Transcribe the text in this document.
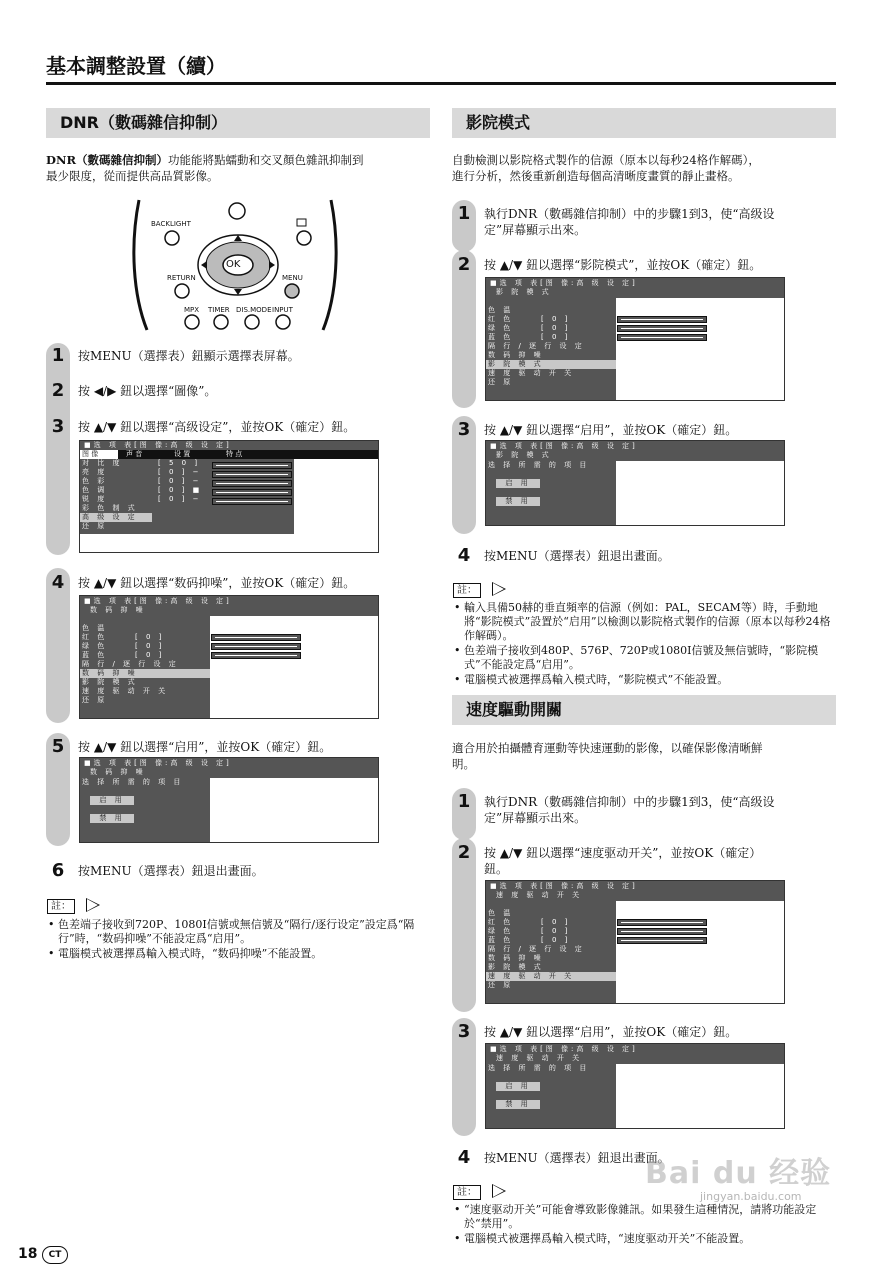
基本調整設置（續）
DNR（數碼雜信抑制）
DNR（數碼雜信抑制）功能能將點蠕動和交叉顏色雜訊抑制到
最少限度，從而提供高品質影像。
BACKLIGHT
OK
RETURN	MENU
MPX TIMER DIS.MODE INPUT
1	按MENU（選擇表）鈕顯示選擇表屏幕。
2	按 ◀/▶ 鈕以選擇“圖像”。
3	按 ▲/▼ 鈕以選擇“高级设定”，並按OK（確定）鈕。
■选 项 表[图 像:高 级 设 定]
图 像	声 音	设 置	特 点
对 比 度	[ 5 0 ]
亮 度	[ 0 ] −
色 彩	[ 0 ] −
色 调	[ 0 ] ■
锐 度	[ 0 ] −
彩 色 制 式
高 级 设 定
还 原
4	按 ▲/▼ 鈕以選擇“数码抑噪”，並按OK（確定）鈕。
■选 项 表[图 像:高 级 设 定]
数 码 抑 噪
色 温
红 色	[ 0 ]
绿 色	[ 0 ]
蓝 色	[ 0 ]
隔 行 / 逐 行 设 定
数 码 抑 噪
影 院 模 式
速 度 驱 动 开 关
还 原
5	按 ▲/▼ 鈕以選擇“启用”，並按OK（確定）鈕。
■选 项 表[图 像:高 级 设 定]
数 码 抑 噪
选 择 所 需 的 项 目
启 用
禁 用
6	按MENU（選擇表）鈕退出畫面。
註：
• 色差端子接收到720P、1080I信號或無信號及“隔行/逐行设定”設定爲“隔行”時，“数码抑噪”不能設定爲“启用”。
• 電腦模式被選擇爲輸入模式時，“数码抑噪”不能設置。
影院模式
自動檢測以影院格式製作的信源（原本以每秒24格作解碼），
進行分析，然後重新創造每個高清晰度畫質的靜止畫格。
1	執行DNR（數碼雜信抑制）中的步驟1到3，使“高级设
定”屏幕顯示出來。
2	按 ▲/▼ 鈕以選擇“影院模式”，並按OK（確定）鈕。
■选 项 表[图 像:高 级 设 定]
影 院 模 式
色 温
红 色	[ 0 ]
绿 色	[ 0 ]
蓝 色	[ 0 ]
隔 行 / 逐 行 设 定
数 码 抑 噪
影 院 模 式
速 度 驱 动 开 关
还 原
3	按 ▲/▼ 鈕以選擇“启用”，並按OK（確定）鈕。
■选 项 表[图 像:高 级 设 定]
影 院 模 式
选 择 所 需 的 项 目
启 用
禁 用
4	按MENU（選擇表）鈕退出畫面。
註：
• 輸入具備50赫的垂直頻率的信源（例如：PAL，SECAM等）時，手動地將“影院模式”設置於“启用”以檢測以影院格式製作的信源（原本以每秒24格作解碼）。
• 色差端子接收到480P、576P、720P或1080I信號及無信號時，“影院模式”不能設定爲“启用”。
• 電腦模式被選擇爲輸入模式時，“影院模式”不能設置。
速度驅動開關
適合用於拍攝體育運動等快速運動的影像，以確保影像清晰鮮
明。
1	執行DNR（數碼雜信抑制）中的步驟1到3，使“高级设
定”屏幕顯示出來。
2	按 ▲/▼ 鈕以選擇“速度驱动开关”，並按OK（確定）
鈕。
■选 项 表[图 像:高 级 设 定]
速 度 驱 动 开 关
色 温
红 色	[ 0 ]
绿 色	[ 0 ]
蓝 色	[ 0 ]
隔 行 / 逐 行 设 定
数 码 抑 噪
影 院 模 式
速 度 驱 动 开 关
还 原
3	按 ▲/▼ 鈕以選擇“启用”，並按OK（確定）鈕。
■选 项 表[图 像:高 级 设 定]
速 度 驱 动 开 关
选 择 所 需 的 项 目
启 用
禁 用
4	按MENU（選擇表）鈕退出畫面。
註：
• “速度驱动开关”可能會導致影像雜訊。如果發生這種情況，請將功能設定於“禁用”。
• 電腦模式被選擇爲輸入模式時，“速度驱动开关”不能設置。
Bai du 经验
jingyan.baidu.com
18	CT
